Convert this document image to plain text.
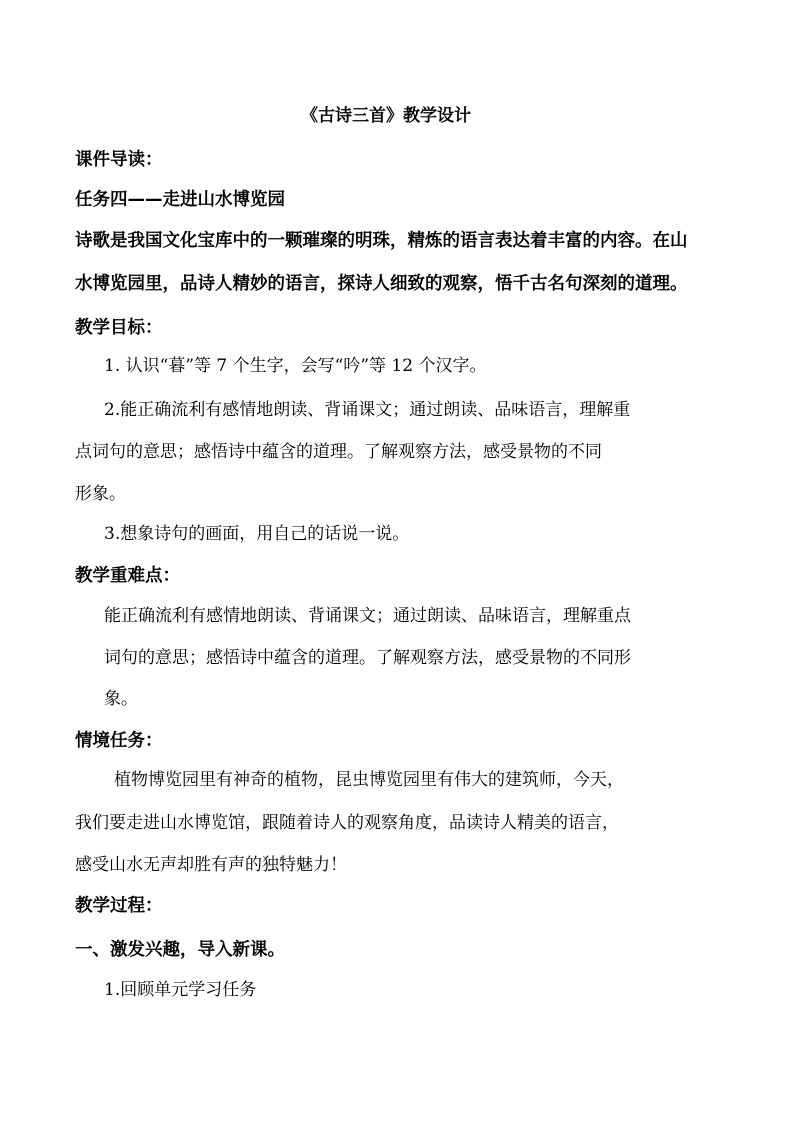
《古诗三首》教学设计
课件导读：
任务四——走进山水博览园
诗歌是我国文化宝库中的一颗璀璨的明珠，精炼的语言表达着丰富的内容。在山
水博览园里，品诗人精妙的语言，探诗人细致的观察，悟千古名句深刻的道理。
教学目标：
1. 认识“暮”等 7 个生字，会写“吟”等 12 个汉字。
2.能正确流利有感情地朗读、背诵课文；通过朗读、品味语言，理解重
点词句的意思；感悟诗中蕴含的道理。了解观察方法，感受景物的不同
形象。
3.想象诗句的画面，用自己的话说一说。
教学重难点：
能正确流利有感情地朗读、背诵课文；通过朗读、品味语言，理解重点
词句的意思；感悟诗中蕴含的道理。了解观察方法，感受景物的不同形
象。
情境任务：
植物博览园里有神奇的植物，昆虫博览园里有伟大的建筑师，今天，
我们要走进山水博览馆，跟随着诗人的观察角度，品读诗人精美的语言，
感受山水无声却胜有声的独特魅力！
教学过程：
一、激发兴趣，导入新课。
1.回顾单元学习任务
